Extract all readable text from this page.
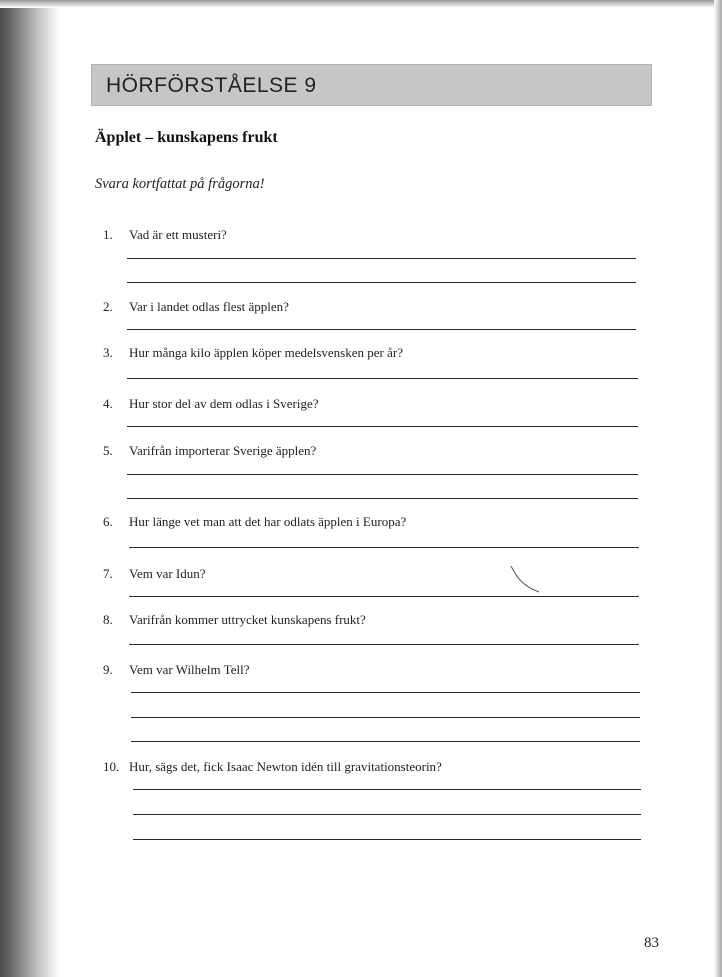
HÖRFÖRSTÅELSE 9
Äpplet – kunskapens frukt
Svara kortfattat på frågorna!
1. Vad är ett musteri?
2. Var i landet odlas flest äpplen?
3. Hur många kilo äpplen köper medelsvensken per år?
4. Hur stor del av dem odlas i Sverige?
5. Varifrån importerar Sverige äpplen?
6. Hur länge vet man att det har odlats äpplen i Europa?
7. Vem var Idun?
8. Varifrån kommer uttrycket kunskapens frukt?
9. Vem var Wilhelm Tell?
10. Hur, sägs det, fick Isaac Newton idén till gravitationsteorin?
83
